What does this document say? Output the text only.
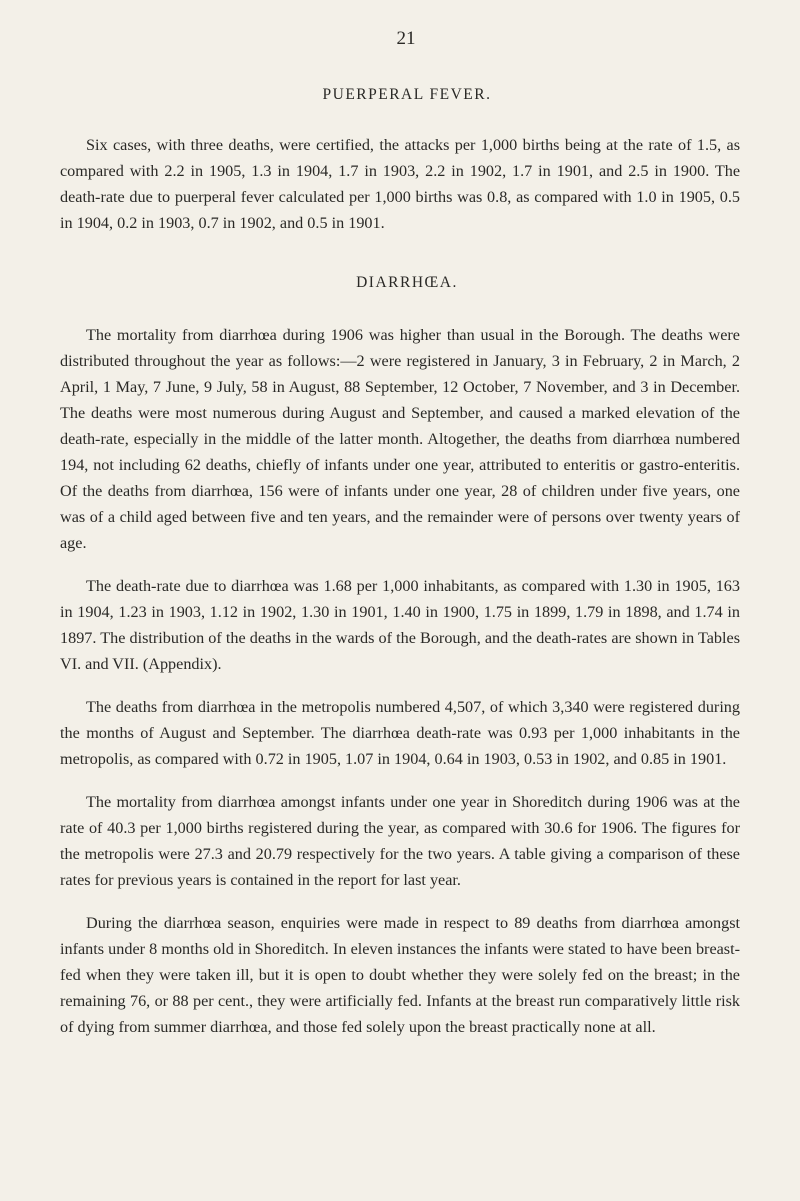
21
PUERPERAL FEVER.

Six cases, with three deaths, were certified, the attacks per 1,000 births being at the rate of 1.5, as compared with 2.2 in 1905, 1.3 in 1904, 1.7 in 1903, 2.2 in 1902, 1.7 in 1901, and 2.5 in 1900. The death-rate due to puerperal fever calculated per 1,000 births was 0.8, as compared with 1.0 in 1905, 0.5 in 1904, 0.2 in 1903, 0.7 in 1902, and 0.5 in 1901.

DIARRHŒA.

The mortality from diarrhœa during 1906 was higher than usual in the Borough. The deaths were distributed throughout the year as follows:—2 were registered in January, 3 in February, 2 in March, 2 April, 1 May, 7 June, 9 July, 58 in August, 88 September, 12 October, 7 November, and 3 in December. The deaths were most numerous during August and September, and caused a marked elevation of the death-rate, especially in the middle of the latter month. Altogether, the deaths from diarrhœa numbered 194, not including 62 deaths, chiefly of infants under one year, attributed to enteritis or gastro-enteritis. Of the deaths from diarrhœa, 156 were of infants under one year, 28 of children under five years, one was of a child aged between five and ten years, and the remainder were of persons over twenty years of age.

The death-rate due to diarrhœa was 1.68 per 1,000 inhabitants, as compared with 1.30 in 1905, 163 in 1904, 1.23 in 1903, 1.12 in 1902, 1.30 in 1901, 1.40 in 1900, 1.75 in 1899, 1.79 in 1898, and 1.74 in 1897. The distribution of the deaths in the wards of the Borough, and the death-rates are shown in Tables VI. and VII. (Appendix).

The deaths from diarrhœa in the metropolis numbered 4,507, of which 3,340 were registered during the months of August and September. The diarrhœa death-rate was 0.93 per 1,000 inhabitants in the metropolis, as compared with 0.72 in 1905, 1.07 in 1904, 0.64 in 1903, 0.53 in 1902, and 0.85 in 1901.

The mortality from diarrhœa amongst infants under one year in Shoreditch during 1906 was at the rate of 40.3 per 1,000 births registered during the year, as compared with 30.6 for 1906. The figures for the metropolis were 27.3 and 20.79 respectively for the two years. A table giving a comparison of these rates for previous years is contained in the report for last year.

During the diarrhœa season, enquiries were made in respect to 89 deaths from diarrhœa amongst infants under 8 months old in Shoreditch. In eleven instances the infants were stated to have been breast-fed when they were taken ill, but it is open to doubt whether they were solely fed on the breast; in the remaining 76, or 88 per cent., they were artificially fed. Infants at the breast run comparatively little risk of dying from summer diarrhœa, and those fed solely upon the breast practically none at all.
